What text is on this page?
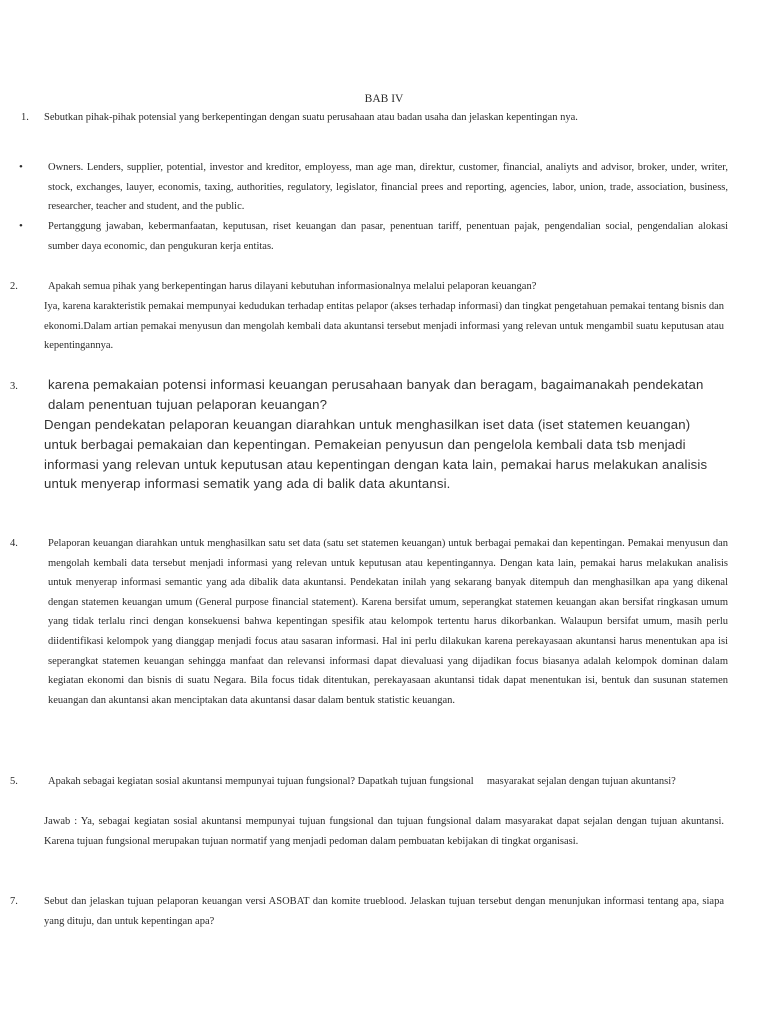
BAB IV
1. Sebutkan pihak-pihak potensial yang berkepentingan dengan suatu perusahaan atau badan usaha dan jelaskan kepentingan nya.

•	Owners. Lenders, supplier, potential, investor and kreditor, employess, man age man, direktur, customer, financial, analiyts and advisor, broker, under, writer, stock, exchanges, lauyer, economis, taxing, authorities, regulatory, legislator, financial prees and reporting, agencies, labor, union, trade, association, business, researcher, teacher and student, and the public.

•	Pertanggung jawaban, kebermanfaatan, keputusan, riset keuangan dan pasar, penentuan tariff, penentuan pajak, pengendalian social, pengendalian alokasi sumber daya economic, dan pengukuran kerja entitas.

2.	Apakah semua pihak yang berkepentingan harus dilayani kebutuhan informasionalnya melalui pelaporan keuangan?

Iya, karena karakteristik pemakai mempunyai kedudukan terhadap entitas pelapor (akses terhadap informasi) dan tingkat pengetahuan pemakai tentang bisnis dan ekonomi.Dalam artian pemakai menyusun dan mengolah kembali data akuntansi tersebut menjadi informasi yang relevan untuk mengambil suatu keputusan atau kepentingannya.

3.	karena pemakaian potensi informasi keuangan perusahaan banyak dan beragam, bagaimanakah pendekatan dalam penentuan tujuan pelaporan keuangan?

Dengan pendekatan pelaporan keuangan diarahkan untuk menghasilkan iset data (iset statemen keuangan) untuk berbagai pemakaian dan kepentingan. Pemakeian penyusun dan pengelola kembali data tsb menjadi informasi yang relevan untuk keputusan atau kepentingan dengan kata lain, pemakai harus melakukan analisis untuk menyerap informasi sematik yang ada di balik data akuntansi.

4.	Pelaporan keuangan diarahkan untuk menghasilkan satu set data (satu set statemen keuangan) untuk berbagai pemakai dan kepentingan. Pemakai menyusun dan mengolah kembali data tersebut menjadi informasi yang relevan untuk keputusan atau kepentingannya. Dengan kata lain, pemakai harus melakukan analisis untuk menyerap informasi semantic yang ada dibalik data akuntansi. Pendekatan inilah yang sekarang banyak ditempuh dan menghasilkan apa yang dikenal dengan statemen keuangan umum (General purpose financial statement). Karena bersifat umum, seperangkat statemen keuangan akan bersifat ringkasan umum yang tidak terlalu rinci dengan konsekuensi bahwa kepentingan spesifik atau kelompok tertentu harus dikorbankan. Walaupun bersifat umum, masih perlu diidentifikasi kelompok yang dianggap menjadi focus atau sasaran informasi. Hal ini perlu dilakukan karena perekayasaan akuntansi harus menentukan apa isi seperangkat statemen keuangan sehingga manfaat dan relevansi informasi dapat dievaluasi yang dijadikan focus biasanya adalah kelompok dominan dalam kegiatan ekonomi dan bisnis di suatu Negara. Bila focus tidak ditentukan, perekayasaan akuntansi tidak dapat menentukan isi, bentuk dan susunan statemen keuangan dan akuntansi akan menciptakan data akuntansi dasar dalam bentuk statistic keuangan.

5.	Apakah sebagai kegiatan sosial akuntansi mempunyai tujuan fungsional? Dapatkah tujuan fungsional     masyarakat sejalan dengan tujuan akuntansi?

Jawab : Ya, sebagai kegiatan sosial akuntansi mempunyai tujuan fungsional dan tujuan fungsional dalam masyarakat dapat sejalan dengan tujuan akuntansi. Karena tujuan fungsional merupakan tujuan normatif yang menjadi pedoman dalam pembuatan kebijakan di tingkat organisasi.

7. Sebut dan jelaskan tujuan pelaporan keuangan versi ASOBAT dan komite trueblood. Jelaskan tujuan tersebut dengan menunjukan informasi tentang apa, siapa yang dituju, dan untuk kepentingan apa?
